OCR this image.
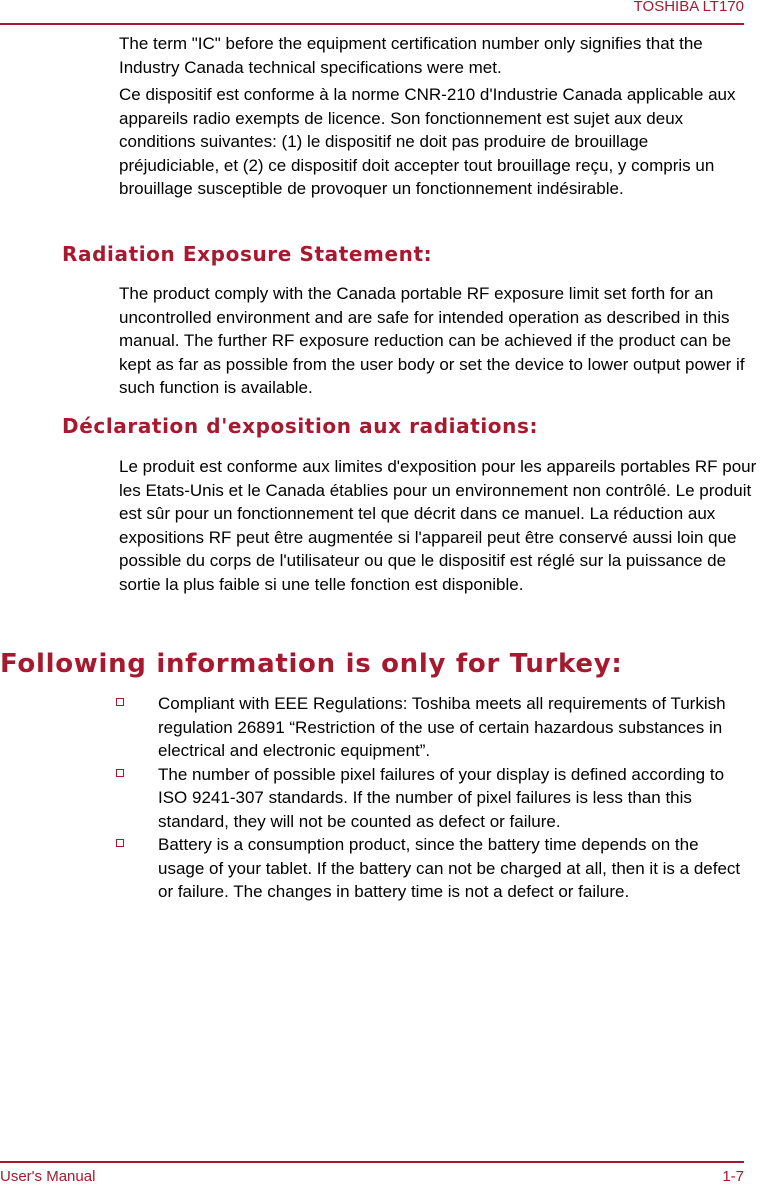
TOSHIBA LT170

The term "IC" before the equipment certification number only signifies that the Industry Canada technical specifications were met.

Ce dispositif est conforme à la norme CNR-210 d'Industrie Canada applicable aux appareils radio exempts de licence. Son fonctionnement est sujet aux deux conditions suivantes: (1) le dispositif ne doit pas produire de brouillage préjudiciable, et (2) ce dispositif doit accepter tout brouillage reçu, y compris un brouillage susceptible de provoquer un fonctionnement indésirable.

Radiation Exposure Statement:

The product comply with the Canada portable RF exposure limit set forth for an uncontrolled environment and are safe for intended operation as described in this manual. The further RF exposure reduction can be achieved if the product can be kept as far as possible from the user body or set the device to lower output power if such function is available.

Déclaration d'exposition aux radiations:

Le produit est conforme aux limites d'exposition pour les appareils portables RF pour les Etats-Unis et le Canada établies pour un environnement non contrôlé. Le produit est sûr pour un fonctionnement tel que décrit dans ce manuel. La réduction aux expositions RF peut être augmentée si l'appareil peut être conservé aussi loin que possible du corps de l'utilisateur ou que le dispositif est réglé sur la puissance de sortie la plus faible si une telle fonction est disponible.

Following information is only for Turkey:
Compliant with EEE Regulations: Toshiba meets all requirements of Turkish regulation 26891 “Restriction of the use of certain hazardous substances in electrical and electronic equipment”.
The number of possible pixel failures of your display is defined according to ISO 9241-307 standards. If the number of pixel failures is less than this standard, they will not be counted as defect or failure.
Battery is a consumption product, since the battery time depends on the usage of your tablet. If the battery can not be charged at all, then it is a defect or failure. The changes in battery time is not a defect or failure.
User's Manual	1-7
